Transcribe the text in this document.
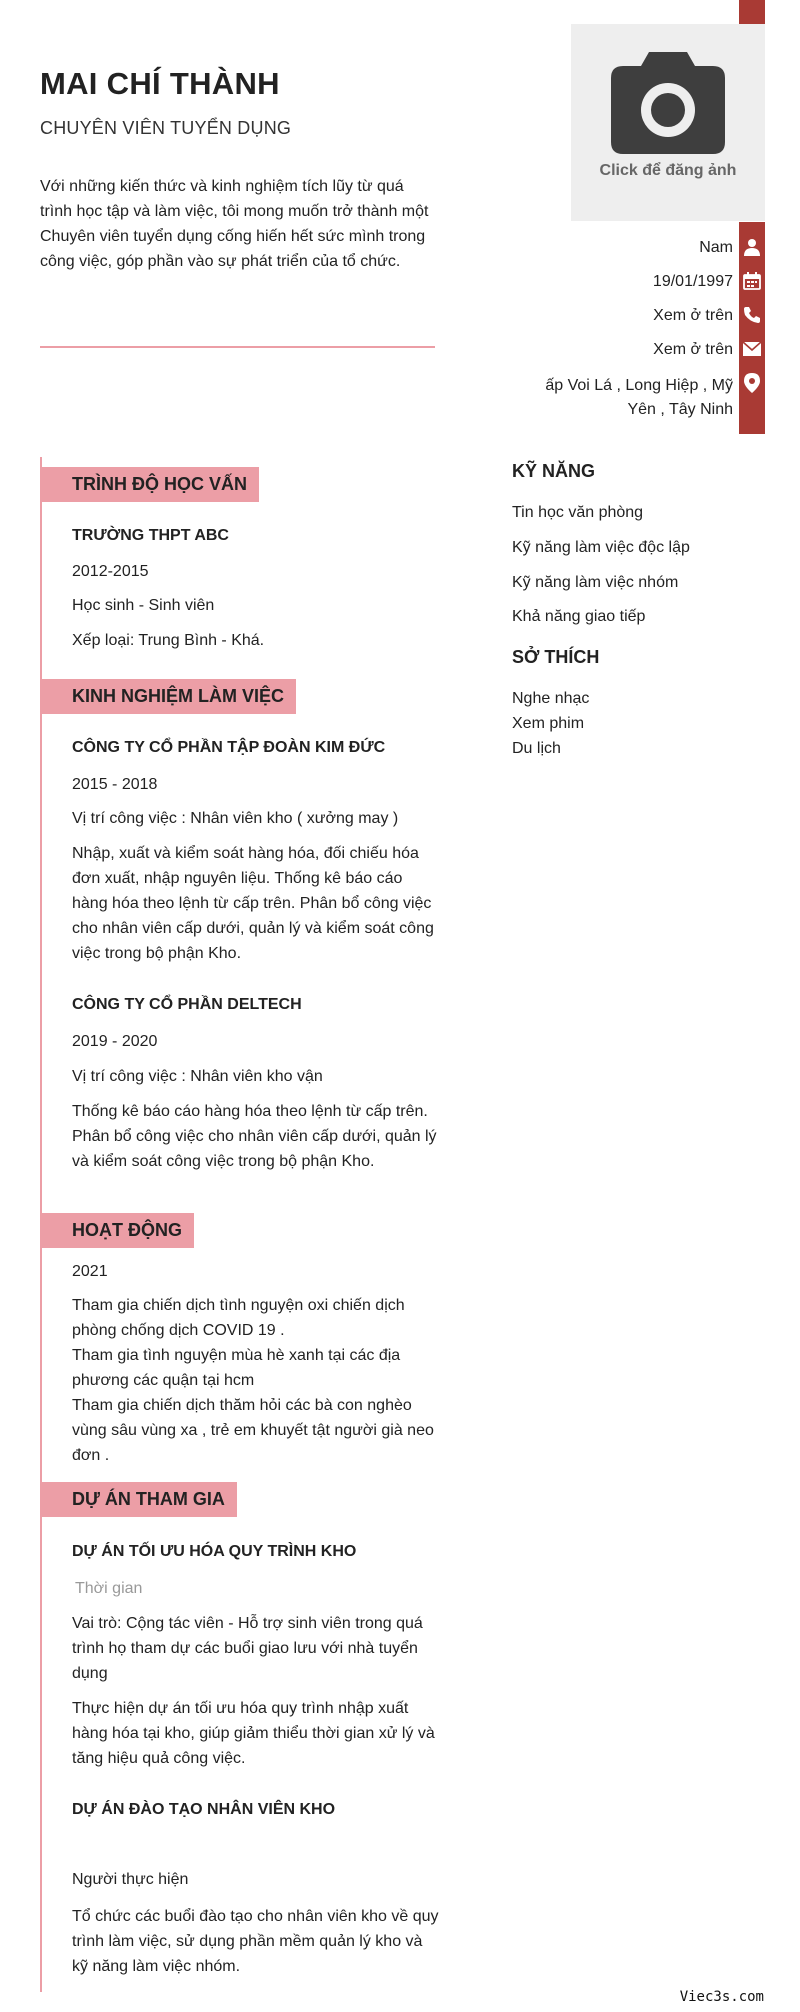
MAI CHÍ THÀNH
CHUYÊN VIÊN TUYỂN DỤNG
Với những kiến thức và kinh nghiệm tích lũy từ quá trình học tập và làm việc, tôi mong muốn trở thành một Chuyên viên tuyển dụng cống hiến hết sức mình trong công việc, góp phần vào sự phát triển của tổ chức.
Click để đăng ảnh
Nam
19/01/1997
Xem ở trên
Xem ở trên
ấp Voi Lá , Long Hiệp , Mỹ
Yên , Tây Ninh
TRÌNH ĐỘ HỌC VẤN
TRƯỜNG THPT ABC
2012-2015
Học sinh - Sinh viên
Xếp loại: Trung Bình - Khá.
KINH NGHIỆM LÀM VIỆC
CÔNG TY CỔ PHẦN TẬP ĐOÀN KIM ĐỨC
2015 - 2018
Vị trí công việc : Nhân viên kho ( xưởng may )
Nhập, xuất và kiểm soát hàng hóa, đối chiếu hóa đơn xuất, nhập nguyên liệu. Thống kê báo cáo hàng hóa theo lệnh từ cấp trên. Phân bổ công việc cho nhân viên cấp dưới, quản lý và kiểm soát công việc trong bộ phận Kho.
CÔNG TY CỔ PHẦN DELTECH
2019 - 2020
Vị trí công việc : Nhân viên kho vận
Thống kê báo cáo hàng hóa theo lệnh từ cấp trên. Phân bổ công việc cho nhân viên cấp dưới, quản lý và kiểm soát công việc trong bộ phận Kho.
HOẠT ĐỘNG
2021
Tham gia chiến dịch tình nguyện oxi chiến dịch phòng chống dịch COVID 19 .
Tham gia tình nguyện mùa hè xanh tại các địa phương các quận tại hcm
Tham gia chiến dịch thăm hỏi các bà con nghèo vùng sâu vùng xa , trẻ em khuyết tật người già neo đơn .
DỰ ÁN THAM GIA
DỰ ÁN TỐI ƯU HÓA QUY TRÌNH KHO
Thời gian
Vai trò: Cộng tác viên - Hỗ trợ sinh viên trong quá trình họ tham dự các buổi giao lưu với nhà tuyển dụng
Thực hiện dự án tối ưu hóa quy trình nhập xuất hàng hóa tại kho, giúp giảm thiểu thời gian xử lý và tăng hiệu quả công việc.
DỰ ÁN ĐÀO TẠO NHÂN VIÊN KHO
Người thực hiện
Tổ chức các buổi đào tạo cho nhân viên kho về quy trình làm việc, sử dụng phần mềm quản lý kho và kỹ năng làm việc nhóm.
KỸ NĂNG
Tin học văn phòng
Kỹ năng làm việc độc lập
Kỹ năng làm việc nhóm
Khả năng giao tiếp
SỞ THÍCH
Nghe nhạc
Xem phim
Du lịch
Viec3s.com
